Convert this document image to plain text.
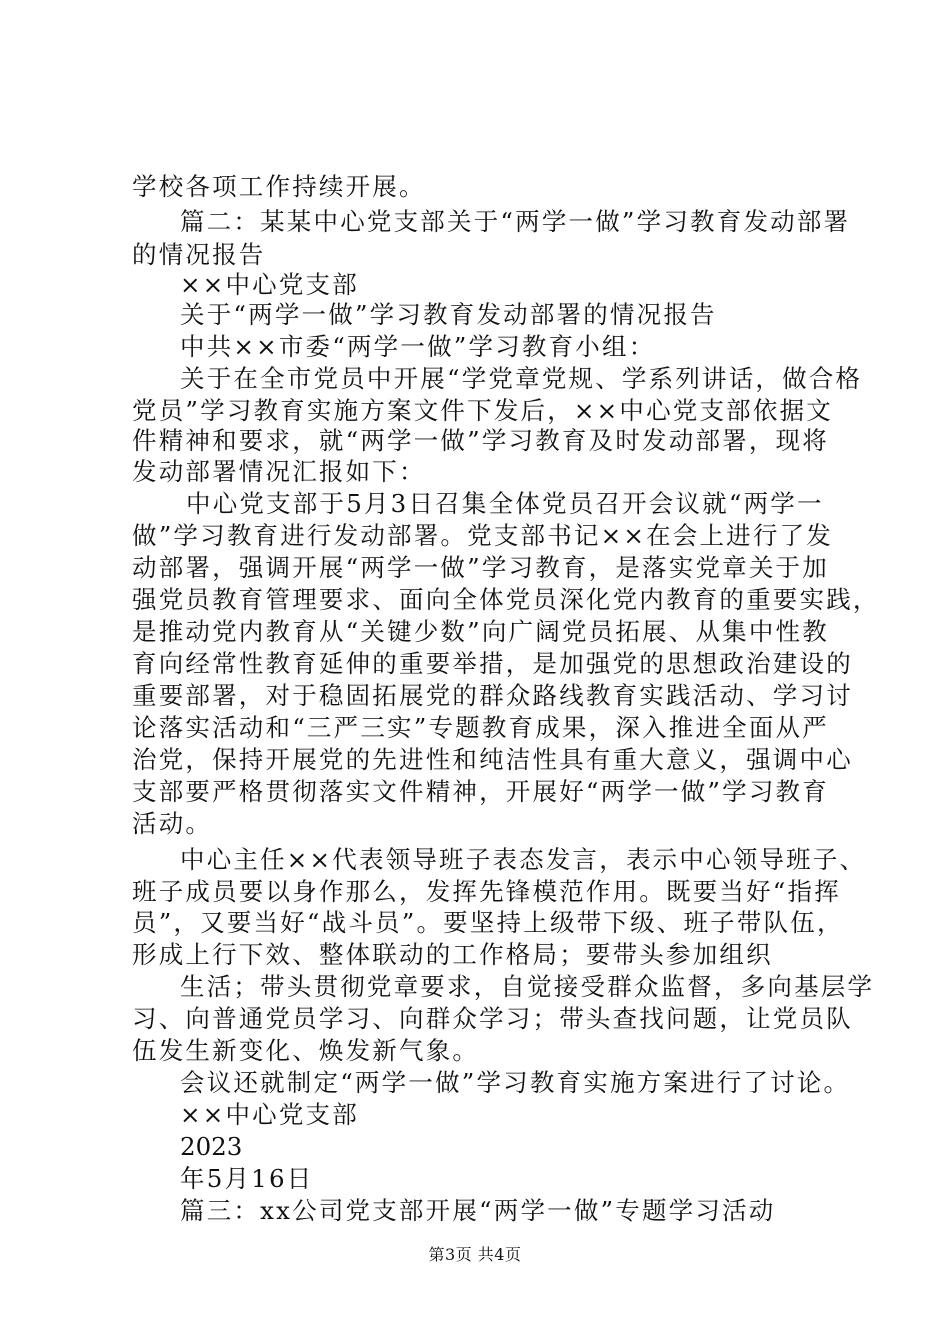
学校各项工作持续开展。
篇二：某某中心党支部关于“两学一做”学习教育发动部署
的情况报告
××中心党支部
关于“两学一做”学习教育发动部署的情况报告
中共××市委“两学一做”学习教育小组：
关于在全市党员中开展“学党章党规、学系列讲话，做合格
党员”学习教育实施方案文件下发后，××中心党支部依据文
件精神和要求，就“两学一做”学习教育及时发动部署，现将
发动部署情况汇报如下：
中心党支部于5月3日召集全体党员召开会议就“两学一
做”学习教育进行发动部署。党支部书记××在会上进行了发
动部署，强调开展“两学一做”学习教育，是落实党章关于加
强党员教育管理要求、面向全体党员深化党内教育的重要实践，
是推动党内教育从“关键少数”向广阔党员拓展、从集中性教
育向经常性教育延伸的重要举措，是加强党的思想政治建设的
重要部署，对于稳固拓展党的群众路线教育实践活动、学习讨
论落实活动和“三严三实”专题教育成果，深入推进全面从严
治党，保持开展党的先进性和纯洁性具有重大意义，强调中心
支部要严格贯彻落实文件精神，开展好“两学一做”学习教育
活动。
中心主任××代表领导班子表态发言，表示中心领导班子、
班子成员要以身作那么，发挥先锋模范作用。既要当好“指挥
员”，又要当好“战斗员”。要坚持上级带下级、班子带队伍，
形成上行下效、整体联动的工作格局；要带头参加组织
生活；带头贯彻党章要求，自觉接受群众监督，多向基层学
习、向普通党员学习、向群众学习；带头查找问题，让党员队
伍发生新变化、焕发新气象。
会议还就制定“两学一做”学习教育实施方案进行了讨论。
××中心党支部
2023
年5月16日
篇三：xx公司党支部开展“两学一做”专题学习活动
第3页 共4页
